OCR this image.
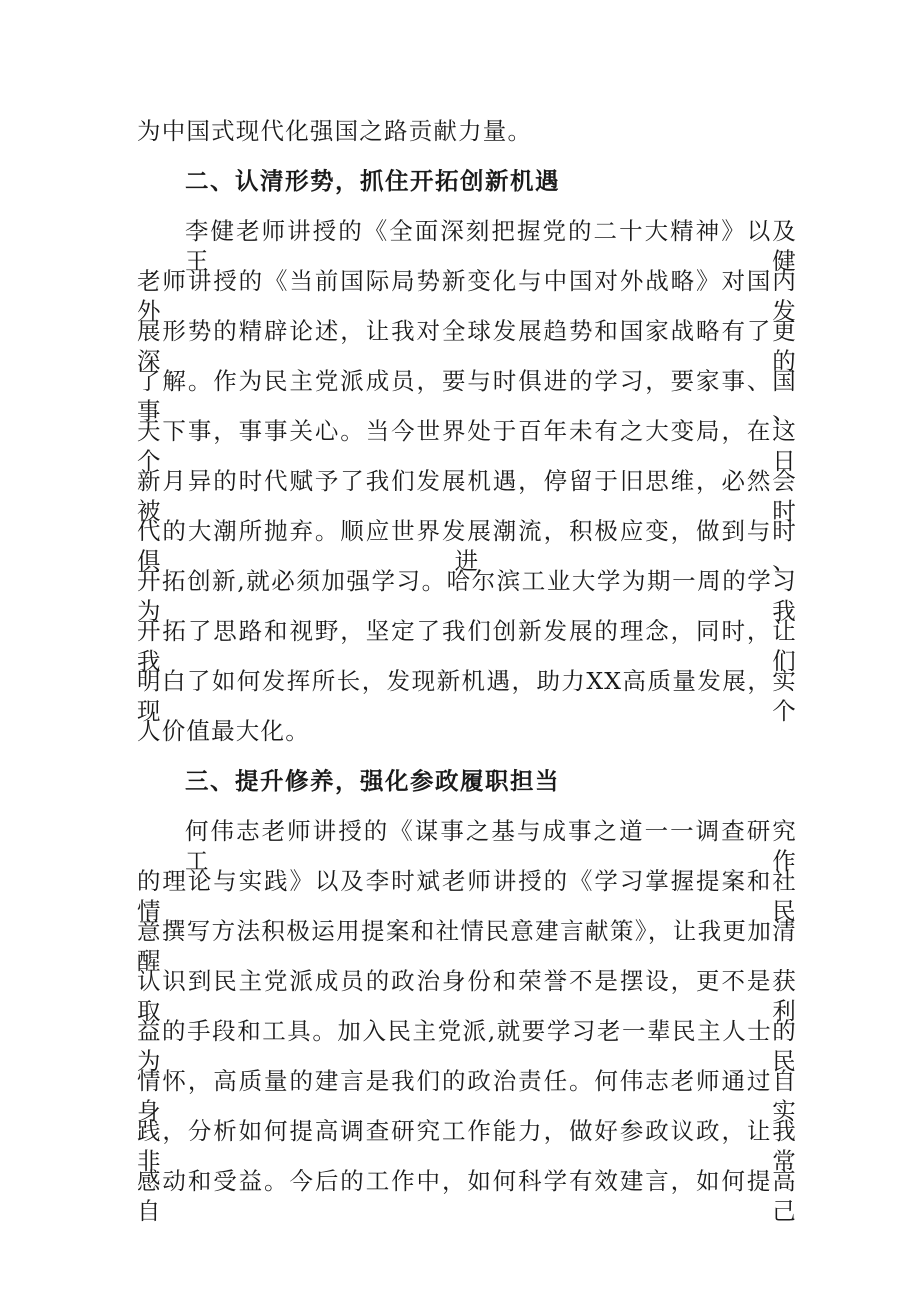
为中国式现代化强国之路贡献力量。
二、认清形势，抓住开拓创新机遇
李健老师讲授的《全面深刻把握党的二十大精神》以及王健
老师讲授的《当前国际局势新变化与中国对外战略》对国内外发
展形势的精辟论述，让我对全球发展趋势和国家战略有了更深的
了解。作为民主党派成员，要与时俱进的学习，要家事、国事、
天下事，事事关心。当今世界处于百年未有之大变局，在这个日
新月异的时代赋予了我们发展机遇，停留于旧思维，必然会被时
代的大潮所抛弃。顺应世界发展潮流，积极应变，做到与时俱进、
开拓创新,就必须加强学习。哈尔滨工业大学为期一周的学习为我
开拓了思路和视野，坚定了我们创新发展的理念，同时，让我们
明白了如何发挥所长，发现新机遇，助力XX高质量发展，实现个
人价值最大化。
三、提升修养，强化参政履职担当
何伟志老师讲授的《谋事之基与成事之道一一调查研究工作
的理论与实践》以及李时斌老师讲授的《学习掌握提案和社情民
意撰写方法积极运用提案和社情民意建言献策》，让我更加清醒
认识到民主党派成员的政治身份和荣誉不是摆设，更不是获取利
益的手段和工具。加入民主党派,就要学习老一辈民主人士的为民
情怀，高质量的建言是我们的政治责任。何伟志老师通过自身实
践，分析如何提高调查研究工作能力，做好参政议政，让我非常
感动和受益。今后的工作中，如何科学有效建言，如何提高自己
